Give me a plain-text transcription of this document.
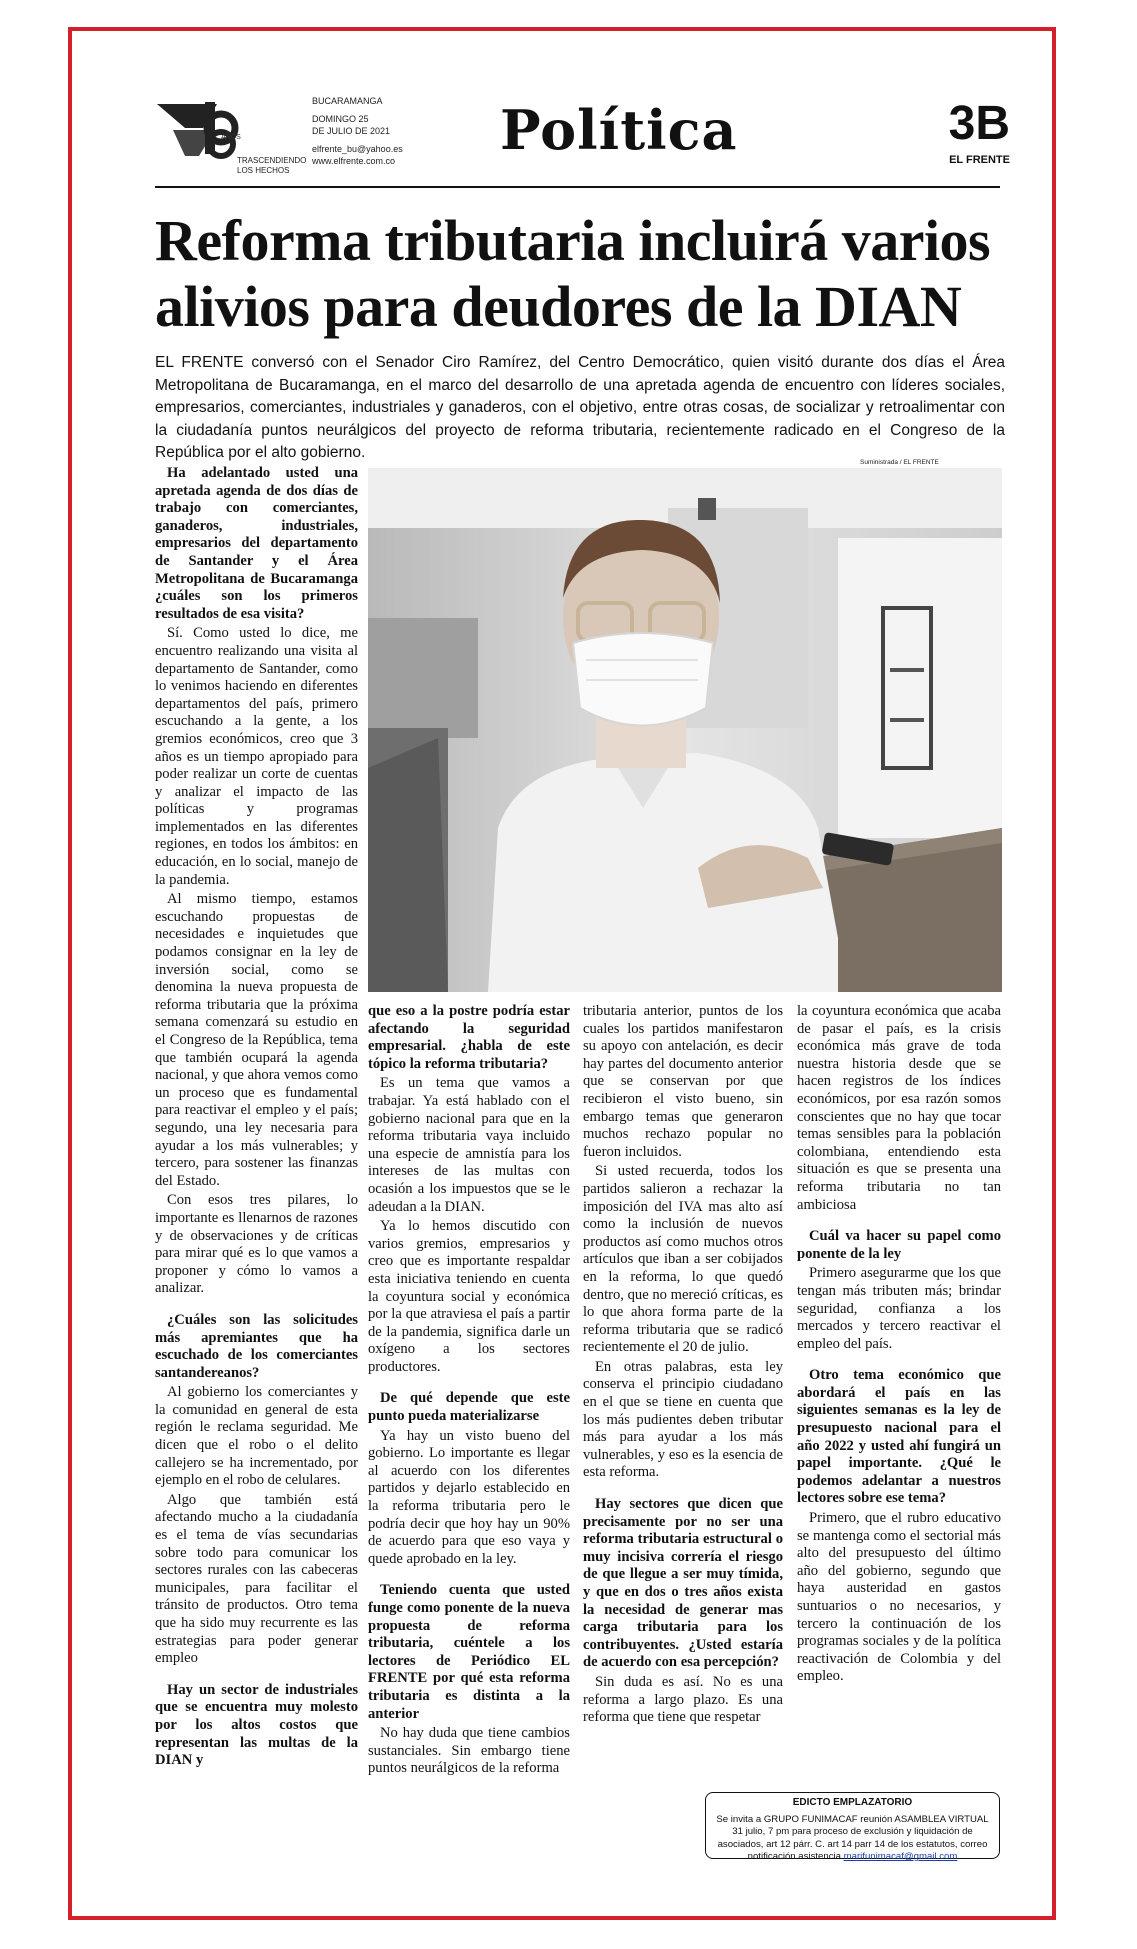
AÑOS
TRASCENDIENDO
LOS HECHOS
BUCARAMANGA
DOMINGO 25
DE JULIO DE 2021
elfrente_bu@yahoo.es
www.elfrente.com.co Política	3B
EL FRENTE
Reforma tributaria incluirá varios
alivios para deudores de la DIAN
EL FRENTE conversó con el Senador Ciro Ramírez, del Centro Democrático, quien visitó durante dos días el Área Metropolitana de Bucaramanga, en el marco del desarrollo de una apretada agenda de encuentro con líderes sociales, empresarios, comerciantes, industriales y ganaderos, con el objetivo, entre otras cosas, de socializar y retroalimentar con la ciudadanía puntos neurálgicos del proyecto de reforma tributaria, recientemente radicado en el Congreso de la República por el alto gobierno.
Suministrada / EL FRENTE

Ha adelantado usted una apretada agenda de dos días de trabajo con comerciantes, ganaderos, industriales, empresarios del departamento de Santander y el Área Metropolitana de Bucaramanga ¿cuáles son los primeros resultados de esa visita?

Sí. Como usted lo dice, me encuentro realizando una visita al departamento de Santander, como lo venimos haciendo en diferentes departamentos del país, primero escuchando a la gente, a los gremios económicos, creo que 3 años es un tiempo apropiado para poder realizar un corte de cuentas y analizar el impacto de las políticas y programas implementados en las diferentes regiones, en todos los ámbitos: en educación, en lo social, manejo de la pandemia.

Al mismo tiempo, estamos escuchando propuestas de necesidades e inquietudes que podamos consignar en la ley de inversión social, como se denomina la nueva propuesta de reforma tributaria que la próxima semana comenzará su estudio en el Congreso de la República, tema que también ocupará la agenda nacional, y que ahora vemos como un proceso que es fundamental para reactivar el empleo y el país; segundo, una ley necesaria para ayudar a los más vulnerables; y tercero, para sostener las finanzas del Estado.

Con esos tres pilares, lo importante es llenarnos de razones y de observaciones y de críticas para mirar qué es lo que vamos a proponer y cómo lo vamos a analizar.

¿Cuáles son las solicitudes más apremiantes que ha escuchado de los comerciantes santandereanos?

Al gobierno los comerciantes y la comunidad en general de esta región le reclama seguridad. Me dicen que el robo o el delito callejero se ha incrementado, por ejemplo en el robo de celulares.

Algo que también está afectando mucho a la ciudadanía es el tema de vías secundarias sobre todo para comunicar los sectores rurales con las cabeceras municipales, para facilitar el tránsito de productos. Otro tema que ha sido muy recurrente es las estrategias para poder generar empleo

Hay un sector de industriales que se encuentra muy molesto por los altos costos que representan las multas de la DIAN y

que eso a la postre podría estar afectando la seguridad empresarial. ¿habla de este tópico la reforma tributaria?

Es un tema que vamos a trabajar. Ya está hablado con el gobierno nacional para que en la reforma tributaria vaya incluido una especie de amnistía para los intereses de las multas con ocasión a los impuestos que se le adeudan a la DIAN.

Ya lo hemos discutido con varios gremios, empresarios y creo que es importante respaldar esta iniciativa teniendo en cuenta la coyuntura social y económica por la que atraviesa el país a partir de la pandemia, significa darle un oxígeno a los sectores productores.

De qué depende que este punto pueda materializarse

Ya hay un visto bueno del gobierno. Lo importante es llegar al acuerdo con los diferentes partidos y dejarlo establecido en la reforma tributaria pero le podría decir que hoy hay un 90% de acuerdo para que eso vaya y quede aprobado en la ley.

Teniendo cuenta que usted funge como ponente de la nueva propuesta de reforma tributaria, cuéntele a los lectores de Periódico EL FRENTE por qué esta reforma tributaria es distinta a la anterior

No hay duda que tiene cambios sustanciales. Sin embargo tiene puntos neurálgicos de la reforma

tributaria anterior, puntos de los cuales los partidos manifestaron su apoyo con antelación, es decir hay partes del documento anterior que se conservan por que recibieron el visto bueno, sin embargo temas que generaron muchos rechazo popular no fueron incluidos.

Si usted recuerda, todos los partidos salieron a rechazar la imposición del IVA mas alto así como la inclusión de nuevos productos así como muchos otros artículos que iban a ser cobijados en la reforma, lo que quedó dentro, que no mereció críticas, es lo que ahora forma parte de la reforma tributaria que se radicó recientemente el 20 de julio.

En otras palabras, esta ley conserva el principio ciudadano en el que se tiene en cuenta que los más pudientes deben tributar más para ayudar a los más vulnerables, y eso es la esencia de esta reforma.

Hay sectores que dicen que precisamente por no ser una reforma tributaria estructural o muy incisiva correría el riesgo de que llegue a ser muy tímida, y que en dos o tres años exista la necesidad de generar mas carga tributaria para los contribuyentes. ¿Usted estaría de acuerdo con esa percepción?

Sin duda es así. No es una reforma a largo plazo. Es una reforma que tiene que respetar

la coyuntura económica que acaba de pasar el país, es la crisis económica más grave de toda nuestra historia desde que se hacen registros de los índices económicos, por esa razón somos conscientes que no hay que tocar temas sensibles para la población colombiana, entendiendo esta situación es que se presenta una reforma tributaria no tan ambiciosa

Cuál va hacer su papel como ponente de la ley

Primero asegurarme que los que tengan más tributen más; brindar seguridad, confianza a los mercados y tercero reactivar el empleo del país.

Otro tema económico que abordará el país en las siguientes semanas es la ley de presupuesto nacional para el año 2022 y usted ahí fungirá un papel importante. ¿Qué le podemos adelantar a nuestros lectores sobre ese tema?

Primero, que el rubro educativo se mantenga como el sectorial más alto del presupuesto del último año del gobierno, segundo que haya austeridad en gastos suntuarios o no necesarios, y tercero la continuación de los programas sociales y de la política reactivación de Colombia y del empleo.

EDICTO EMPLAZATORIO
Se invita a GRUPO FUNIMACAF reunión ASAMBLEA VIRTUAL 31 julio, 7 pm para proceso de exclusión y liquidación de asociados, art 12 párr. C. art 14 parr 14 de los estatutos, correo notificación asistencia marifunimacaf@gmail.com
